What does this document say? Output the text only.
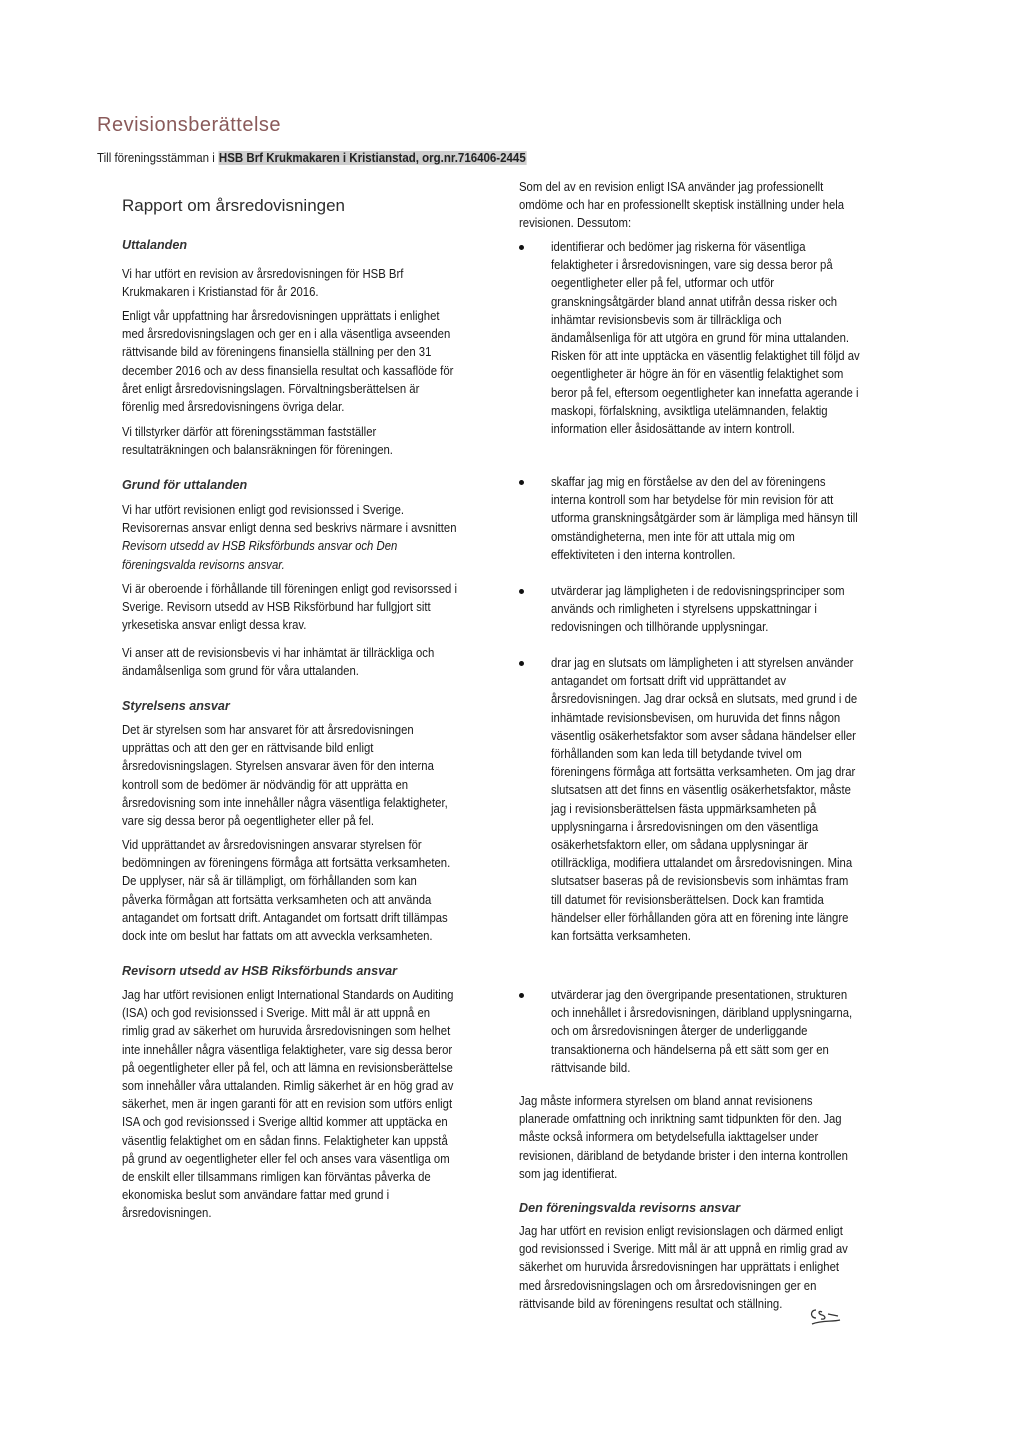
Revisionsberättelse
Till föreningsstämman i HSB Brf Krukmakaren i Kristianstad, org.nr.716406-2445
Rapport om årsredovisningen
Uttalanden

Vi har utfört en revision av årsredovisningen för HSB Brf

Krukmakaren i Kristianstad för år 2016.

Enligt vår uppfattning har årsredovisningen upprättats i enlighet

med årsredovisningslagen och ger en i alla väsentliga avseenden

rättvisande bild av föreningens finansiella ställning per den 31

december 2016 och av dess finansiella resultat och kassaflöde för

året enligt årsredovisningslagen. Förvaltningsberättelsen är

förenlig med årsredovisningens övriga delar.

Vi tillstyrker därför att föreningsstämman fastställer

resultaträkningen och balansräkningen för föreningen.

Grund för uttalanden

Vi har utfört revisionen enligt god revisionssed i Sverige.

Revisorernas ansvar enligt denna sed beskrivs närmare i avsnitten

Revisorn utsedd av HSB Riksförbunds ansvar och Den

föreningsvalda revisorns ansvar.

Vi är oberoende i förhållande till föreningen enligt god revisorssed i

Sverige. Revisorn utsedd av HSB Riksförbund har fullgjort sitt

yrkesetiska ansvar enligt dessa krav.

Vi anser att de revisionsbevis vi har inhämtat är tillräckliga och

ändamålsenliga som grund för våra uttalanden.

Styrelsens ansvar

Det är styrelsen som har ansvaret för att årsredovisningen

upprättas och att den ger en rättvisande bild enligt

årsredovisningslagen. Styrelsen ansvarar även för den interna

kontroll som de bedömer är nödvändig för att upprätta en

årsredovisning som inte innehåller några väsentliga felaktigheter,

vare sig dessa beror på oegentligheter eller på fel.

Vid upprättandet av årsredovisningen ansvarar styrelsen för

bedömningen av föreningens förmåga att fortsätta verksamheten.

De upplyser, när så är tillämpligt, om förhållanden som kan

påverka förmågan att fortsätta verksamheten och att använda

antagandet om fortsatt drift. Antagandet om fortsatt drift tillämpas

dock inte om beslut har fattats om att avveckla verksamheten.

Revisorn utsedd av HSB Riksförbunds ansvar

Jag har utfört revisionen enligt International Standards on Auditing

(ISA) och god revisionssed i Sverige. Mitt mål är att uppnå en

rimlig grad av säkerhet om huruvida årsredovisningen som helhet

inte innehåller några väsentliga felaktigheter, vare sig dessa beror

på oegentligheter eller på fel, och att lämna en revisionsberättelse

som innehåller våra uttalanden. Rimlig säkerhet är en hög grad av

säkerhet, men är ingen garanti för att en revision som utförs enligt

ISA och god revisionssed i Sverige alltid kommer att upptäcka en

väsentlig felaktighet om en sådan finns. Felaktigheter kan uppstå

på grund av oegentligheter eller fel och anses vara väsentliga om

de enskilt eller tillsammans rimligen kan förväntas påverka de

ekonomiska beslut som användare fattar med grund i

årsredovisningen.

Som del av en revision enligt ISA använder jag professionellt

omdöme och har en professionellt skeptisk inställning under hela

revisionen. Dessutom:

identifierar och bedömer jag riskerna för väsentliga

felaktigheter i årsredovisningen, vare sig dessa beror på

oegentligheter eller på fel, utformar och utför

granskningsåtgärder bland annat utifrån dessa risker och

inhämtar revisionsbevis som är tillräckliga och

ändamålsenliga för att utgöra en grund för mina uttalanden.

Risken för att inte upptäcka en väsentlig felaktighet till följd av

oegentligheter är högre än för en väsentlig felaktighet som

beror på fel, eftersom oegentligheter kan innefatta agerande i

maskopi, förfalskning, avsiktliga utelämnanden, felaktig

information eller åsidosättande av intern kontroll.

skaffar jag mig en förståelse av den del av föreningens

interna kontroll som har betydelse för min revision för att

utforma granskningsåtgärder som är lämpliga med hänsyn till

omständigheterna, men inte för att uttala mig om

effektiviteten i den interna kontrollen.

utvärderar jag lämpligheten i de redovisningsprinciper som

används och rimligheten i styrelsens uppskattningar i

redovisningen och tillhörande upplysningar.

drar jag en slutsats om lämpligheten i att styrelsen använder

antagandet om fortsatt drift vid upprättandet av

årsredovisningen. Jag drar också en slutsats, med grund i de

inhämtade revisionsbevisen, om huruvida det finns någon

väsentlig osäkerhetsfaktor som avser sådana händelser eller

förhållanden som kan leda till betydande tvivel om

föreningens förmåga att fortsätta verksamheten. Om jag drar

slutsatsen att det finns en väsentlig osäkerhetsfaktor, måste

jag i revisionsberättelsen fästa uppmärksamheten på

upplysningarna i årsredovisningen om den väsentliga

osäkerhetsfaktorn eller, om sådana upplysningar är

otillräckliga, modifiera uttalandet om årsredovisningen. Mina

slutsatser baseras på de revisionsbevis som inhämtas fram

till datumet för revisionsberättelsen. Dock kan framtida

händelser eller förhållanden göra att en förening inte längre

kan fortsätta verksamheten.

utvärderar jag den övergripande presentationen, strukturen

och innehållet i årsredovisningen, däribland upplysningarna,

och om årsredovisningen återger de underliggande

transaktionerna och händelserna på ett sätt som ger en

rättvisande bild.

Jag måste informera styrelsen om bland annat revisionens

planerade omfattning och inriktning samt tidpunkten för den. Jag

måste också informera om betydelsefulla iakttagelser under

revisionen, däribland de betydande brister i den interna kontrollen

som jag identifierat.

Den föreningsvalda revisorns ansvar

Jag har utfört en revision enligt revisionslagen och därmed enligt

god revisionssed i Sverige. Mitt mål är att uppnå en rimlig grad av

säkerhet om huruvida årsredovisningen har upprättats i enlighet

med årsredovisningslagen och om årsredovisningen ger en

rättvisande bild av föreningens resultat och ställning.
